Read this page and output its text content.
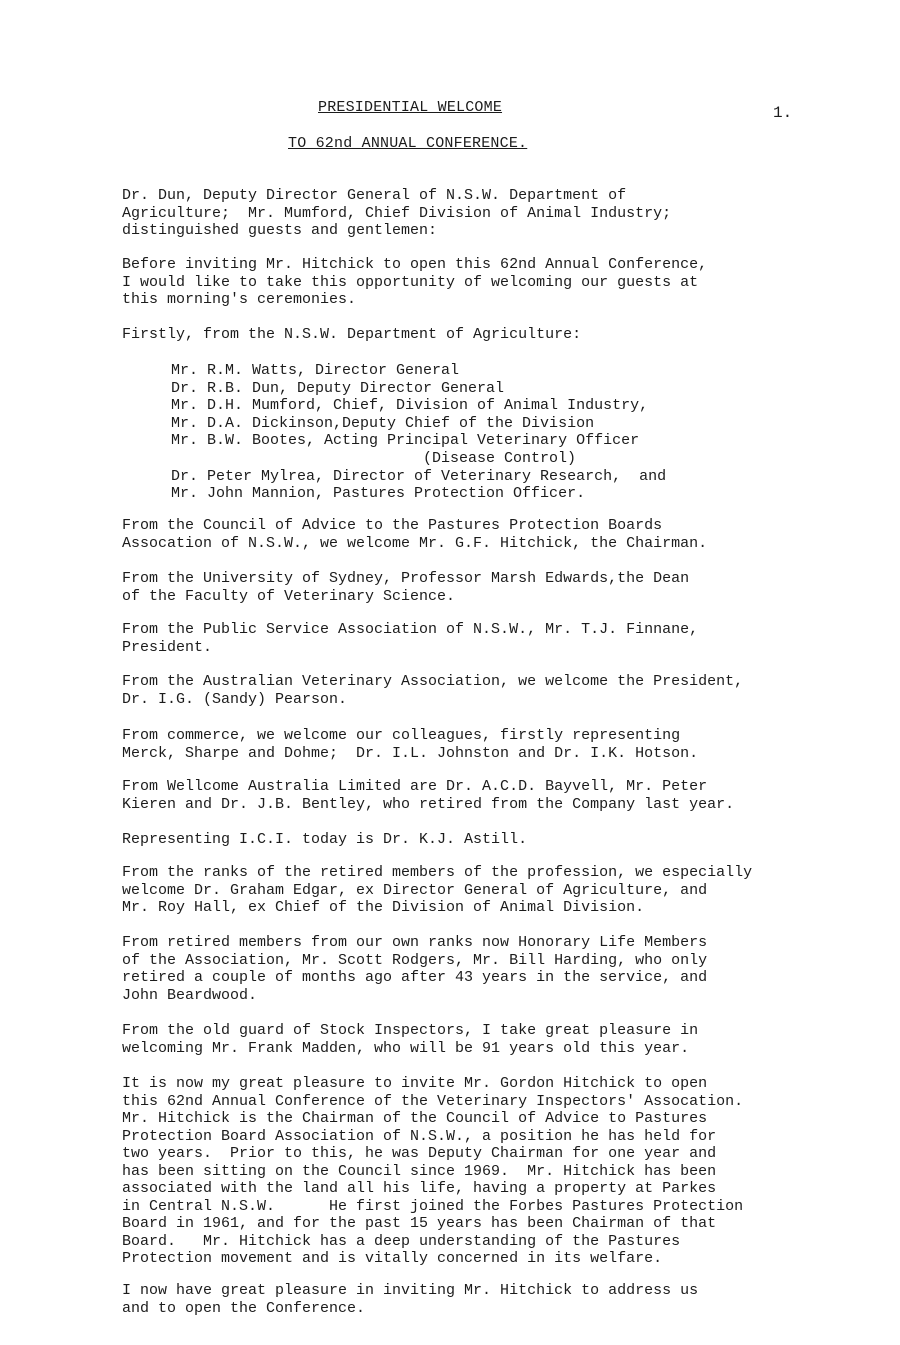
PRESIDENTIAL WELCOME	1.
TO 62nd ANNUAL CONFERENCE.
Dr. Dun, Deputy Director General of N.S.W. Department of
Agriculture;  Mr. Mumford, Chief Division of Animal Industry;
distinguished guests and gentlemen:
Before inviting Mr. Hitchick to open this 62nd Annual Conference,
I would like to take this opportunity of welcoming our guests at
this morning's ceremonies.
Firstly, from the N.S.W. Department of Agriculture:
Mr. R.M. Watts, Director General
Dr. R.B. Dun, Deputy Director General
Mr. D.H. Mumford, Chief, Division of Animal Industry,
Mr. D.A. Dickinson,Deputy Chief of the Division
Mr. B.W. Bootes, Acting Principal Veterinary Officer
(Disease Control)
Dr. Peter Mylrea, Director of Veterinary Research,  and
Mr. John Mannion, Pastures Protection Officer.
From the Council of Advice to the Pastures Protection Boards
Assocation of N.S.W., we welcome Mr. G.F. Hitchick, the Chairman.
From the University of Sydney, Professor Marsh Edwards,the Dean
of the Faculty of Veterinary Science.
From the Public Service Association of N.S.W., Mr. T.J. Finnane,
President.
From the Australian Veterinary Association, we welcome the President,
Dr. I.G. (Sandy) Pearson.
From commerce, we welcome our colleagues, firstly representing
Merck, Sharpe and Dohme;  Dr. I.L. Johnston and Dr. I.K. Hotson.
From Wellcome Australia Limited are Dr. A.C.D. Bayvell, Mr. Peter
Kieren and Dr. J.B. Bentley, who retired from the Company last year.
Representing I.C.I. today is Dr. K.J. Astill.
From the ranks of the retired members of the profession, we especially
welcome Dr. Graham Edgar, ex Director General of Agriculture, and
Mr. Roy Hall, ex Chief of the Division of Animal Division.
From retired members from our own ranks now Honorary Life Members
of the Association, Mr. Scott Rodgers, Mr. Bill Harding, who only
retired a couple of months ago after 43 years in the service, and
John Beardwood.
From the old guard of Stock Inspectors, I take great pleasure in
welcoming Mr. Frank Madden, who will be 91 years old this year.
It is now my great pleasure to invite Mr. Gordon Hitchick to open
this 62nd Annual Conference of the Veterinary Inspectors' Assocation.
Mr. Hitchick is the Chairman of the Council of Advice to Pastures
Protection Board Association of N.S.W., a position he has held for
two years.  Prior to this, he was Deputy Chairman for one year and
has been sitting on the Council since 1969.  Mr. Hitchick has been
associated with the land all his life, having a property at Parkes
in Central N.S.W.      He first joined the Forbes Pastures Protection
Board in 1961, and for the past 15 years has been Chairman of that
Board.   Mr. Hitchick has a deep understanding of the Pastures
Protection movement and is vitally concerned in its welfare.
I now have great pleasure in inviting Mr. Hitchick to address us
and to open the Conference.
